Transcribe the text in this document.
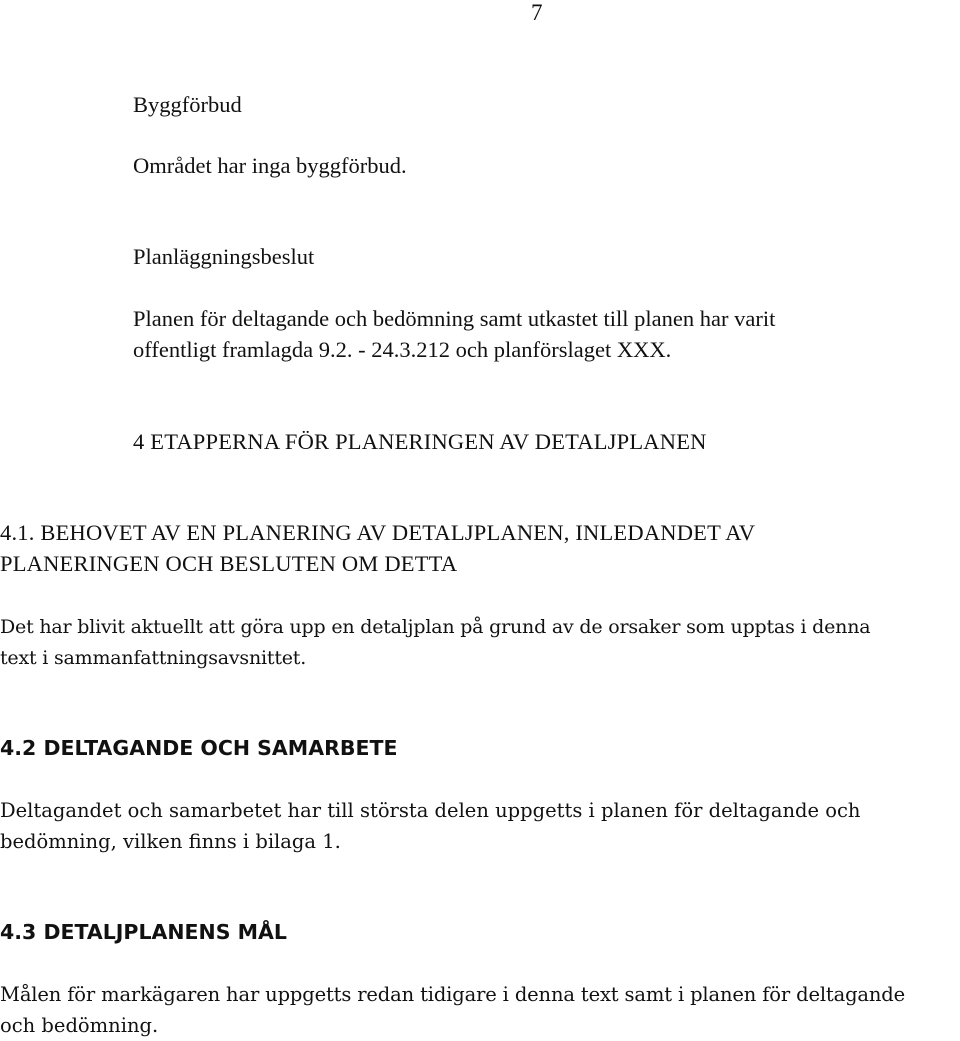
7
Byggförbud
Området har inga byggförbud.
Planläggningsbeslut
Planen för deltagande och bedömning samt utkastet till planen har varit
offentligt framlagda 9.2. - 24.3.212 och planförslaget XXX.
4 ETAPPERNA FÖR PLANERINGEN AV DETALJPLANEN
4.1. BEHOVET AV EN PLANERING AV DETALJPLANEN, INLEDANDET AV
PLANERINGEN OCH BESLUTEN OM DETTA
Det har blivit aktuellt att göra upp en detaljplan på grund av de orsaker som upptas i denna
text i sammanfattningsavsnittet.
4.2 DELTAGANDE OCH SAMARBETE
Deltagandet och samarbetet har till största delen uppgetts i planen för deltagande och
bedömning, vilken finns i bilaga 1.
4.3 DETALJPLANENS MÅL
Målen för markägaren har uppgetts redan tidigare i denna text samt i planen för deltagande
och bedömning.
